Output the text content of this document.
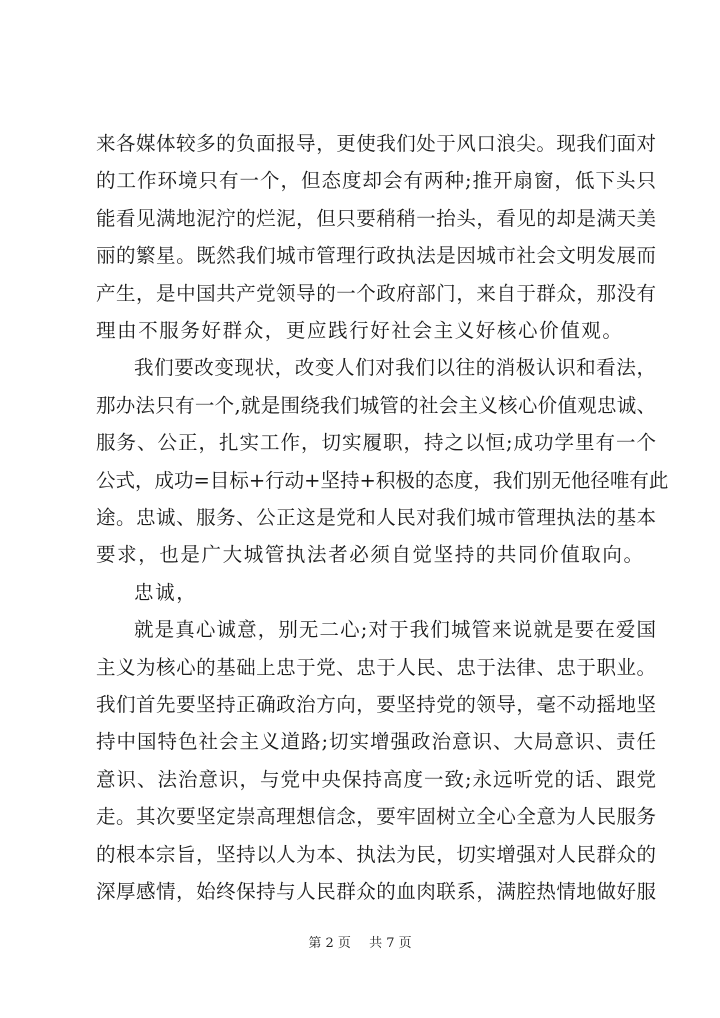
来各媒体较多的负面报导，更使我们处于风口浪尖。现我们面对
的工作环境只有一个，但态度却会有两种;推开扇窗，低下头只
能看见满地泥泞的烂泥，但只要稍稍一抬头，看见的却是满天美
丽的繁星。既然我们城市管理行政执法是因城市社会文明发展而
产生，是中国共产党领导的一个政府部门，来自于群众，那没有
理由不服务好群众，更应践行好社会主义好核心价值观。
我们要改变现状，改变人们对我们以往的消极认识和看法，
那办法只有一个,就是围绕我们城管的社会主义核心价值观忠诚、
服务、公正，扎实工作，切实履职，持之以恒;成功学里有一个
公式，成功=目标+行动+坚持+积极的态度，我们别无他径唯有此
途。忠诚、服务、公正这是党和人民对我们城市管理执法的基本
要求，也是广大城管执法者必须自觉坚持的共同价值取向。
忠诚，
就是真心诚意，别无二心;对于我们城管来说就是要在爱国
主义为核心的基础上忠于党、忠于人民、忠于法律、忠于职业。
我们首先要坚持正确政治方向，要坚持党的领导，毫不动摇地坚
持中国特色社会主义道路;切实增强政治意识、大局意识、责任
意识、法治意识，与党中央保持高度一致;永远听党的话、跟党
走。其次要坚定崇高理想信念，要牢固树立全心全意为人民服务
的根本宗旨，坚持以人为本、执法为民，切实增强对人民群众的
第 2 页 共 7 页
深厚感情，始终保持与人民群众的血肉联系，满腔热情地做好服
